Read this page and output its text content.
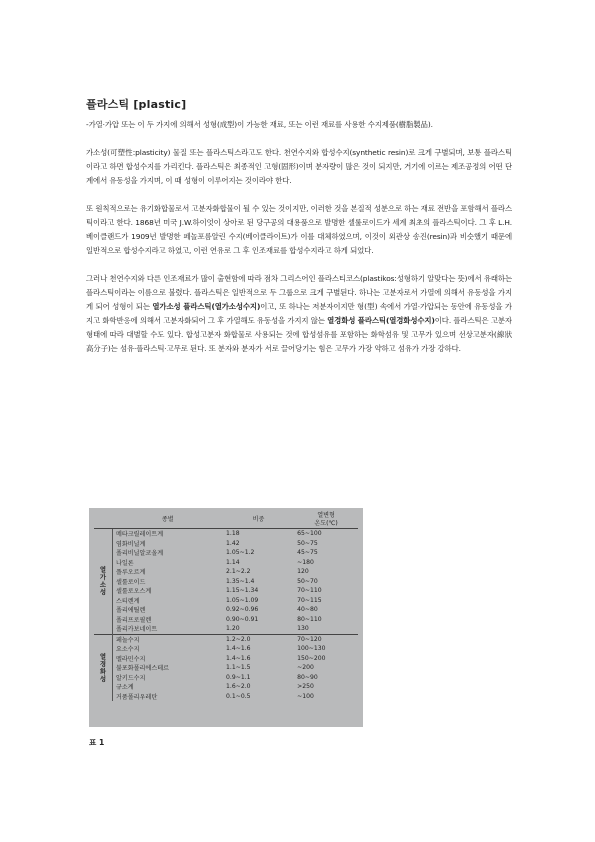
플라스틱 [plastic]

-가열·가압 또는 이 두 가지에 의해서 성형(成型)이 가능한 재료, 또는 이런 재료를 사용한 수지제품(樹脂製品).

가소성(可塑性:plasticity) 물질 또는 플라스틱스라고도 한다. 천연수지와 합성수지(synthetic resin)로 크게 구별되며, 보통 플라스틱이라고 하면 합성수지를 가리킨다. 플라스틱은 최종적인 고형(固形)이며 분자량이 많은 것이 되지만, 거기에 이르는 제조공정의 어떤 단계에서 유동성을 가지며, 이 때 성형이 이루어지는 것이라야 한다.

또 원칙적으로는 유기화합물로서 고분자화합물이 될 수 있는 것이지만, 이러한 것을 본질적 성분으로 하는 재료 전반을 포함해서 플라스틱이라고 한다. 1868년 미국 J.W.하이엇이 상아로 된 당구공의 대용품으로 발명한 셀룰로이드가 세계 최초의 플라스틱이다. 그 후 L.H.베이클랜드가 1909년 발명한 페놀포름알린 수지(베이클라이트)가 이를 대체하였으며, 이것이 외관상 송진(resin)과 비슷했기 때문에 일반적으로 합성수지라고 하였고, 이런 연유로 그 후 인조재료를 합성수지라고 하게 되었다.

그러나 천연수지와 다른 인조재료가 많이 출현함에 따라 점차 그리스어인 플라스티코스(plastikos:성형하기 알맞다는 뜻)에서 유래하는 플라스틱이라는 이름으로 불렸다. 플라스틱은 일반적으로 두 그룹으로 크게 구별된다. 하나는 고분자로서 가열에 의해서 유동성을 가지게 되어 성형이 되는 열가소성 플라스틱(열가소성수지)이고, 또 하나는 저분자이지만 형(型) 속에서 가열·가압되는 동안에 유동성을 가지고 화학반응에 의해서 고분자화되어 그 후 가열해도 유동성을 가지지 않는 열경화성 플라스틱(열경화성수지)이다. 플라스틱은 고분자 형태에 따라 대별할 수도 있다. 합성고분자 화합물로 사용되는 것에 합성섬유를 포함하는 화학섬유 및 고무가 있으며 선상고분자(線狀高分子)는 섬유·플라스틱·고무로 된다. 또 분자와 분자가 서로 끌어당기는 힘은 고무가 가장 약하고 섬유가 가장 강하다.

	종별	비중	열변형
온도(℃)
열가소성	메타크릴레이트계	1.18	65~100
	염화비닐계	1.42	50~75
	폴리비닐알코올계	1.05~1.2	45~75
	나일론	1.14	~180
	플루오르계	2.1~2.2	120
	셀룰로이드	1.35~1.4	50~70
	셀룰로오스계	1.15~1.34	70~110
	스티렌계	1.05~1.09	70~115
	폴리에틸렌	0.92~0.96	40~80
	폴리프로필렌	0.90~0.91	80~110
	폴리카보네이트	1.20	130
열경화성	페놀수지	1.2~2.0	70~120
	요소수지	1.4~1.6	100~130
	멜라민수지	1.4~1.6	150~200
	불포화폴리에스테르	1.1~1.5	~200
	알키드수지	0.9~1.1	80~90
	규소계	1.6~2.0	>250
	거품폴리우레탄	0.1~0.5	~100
표 1
